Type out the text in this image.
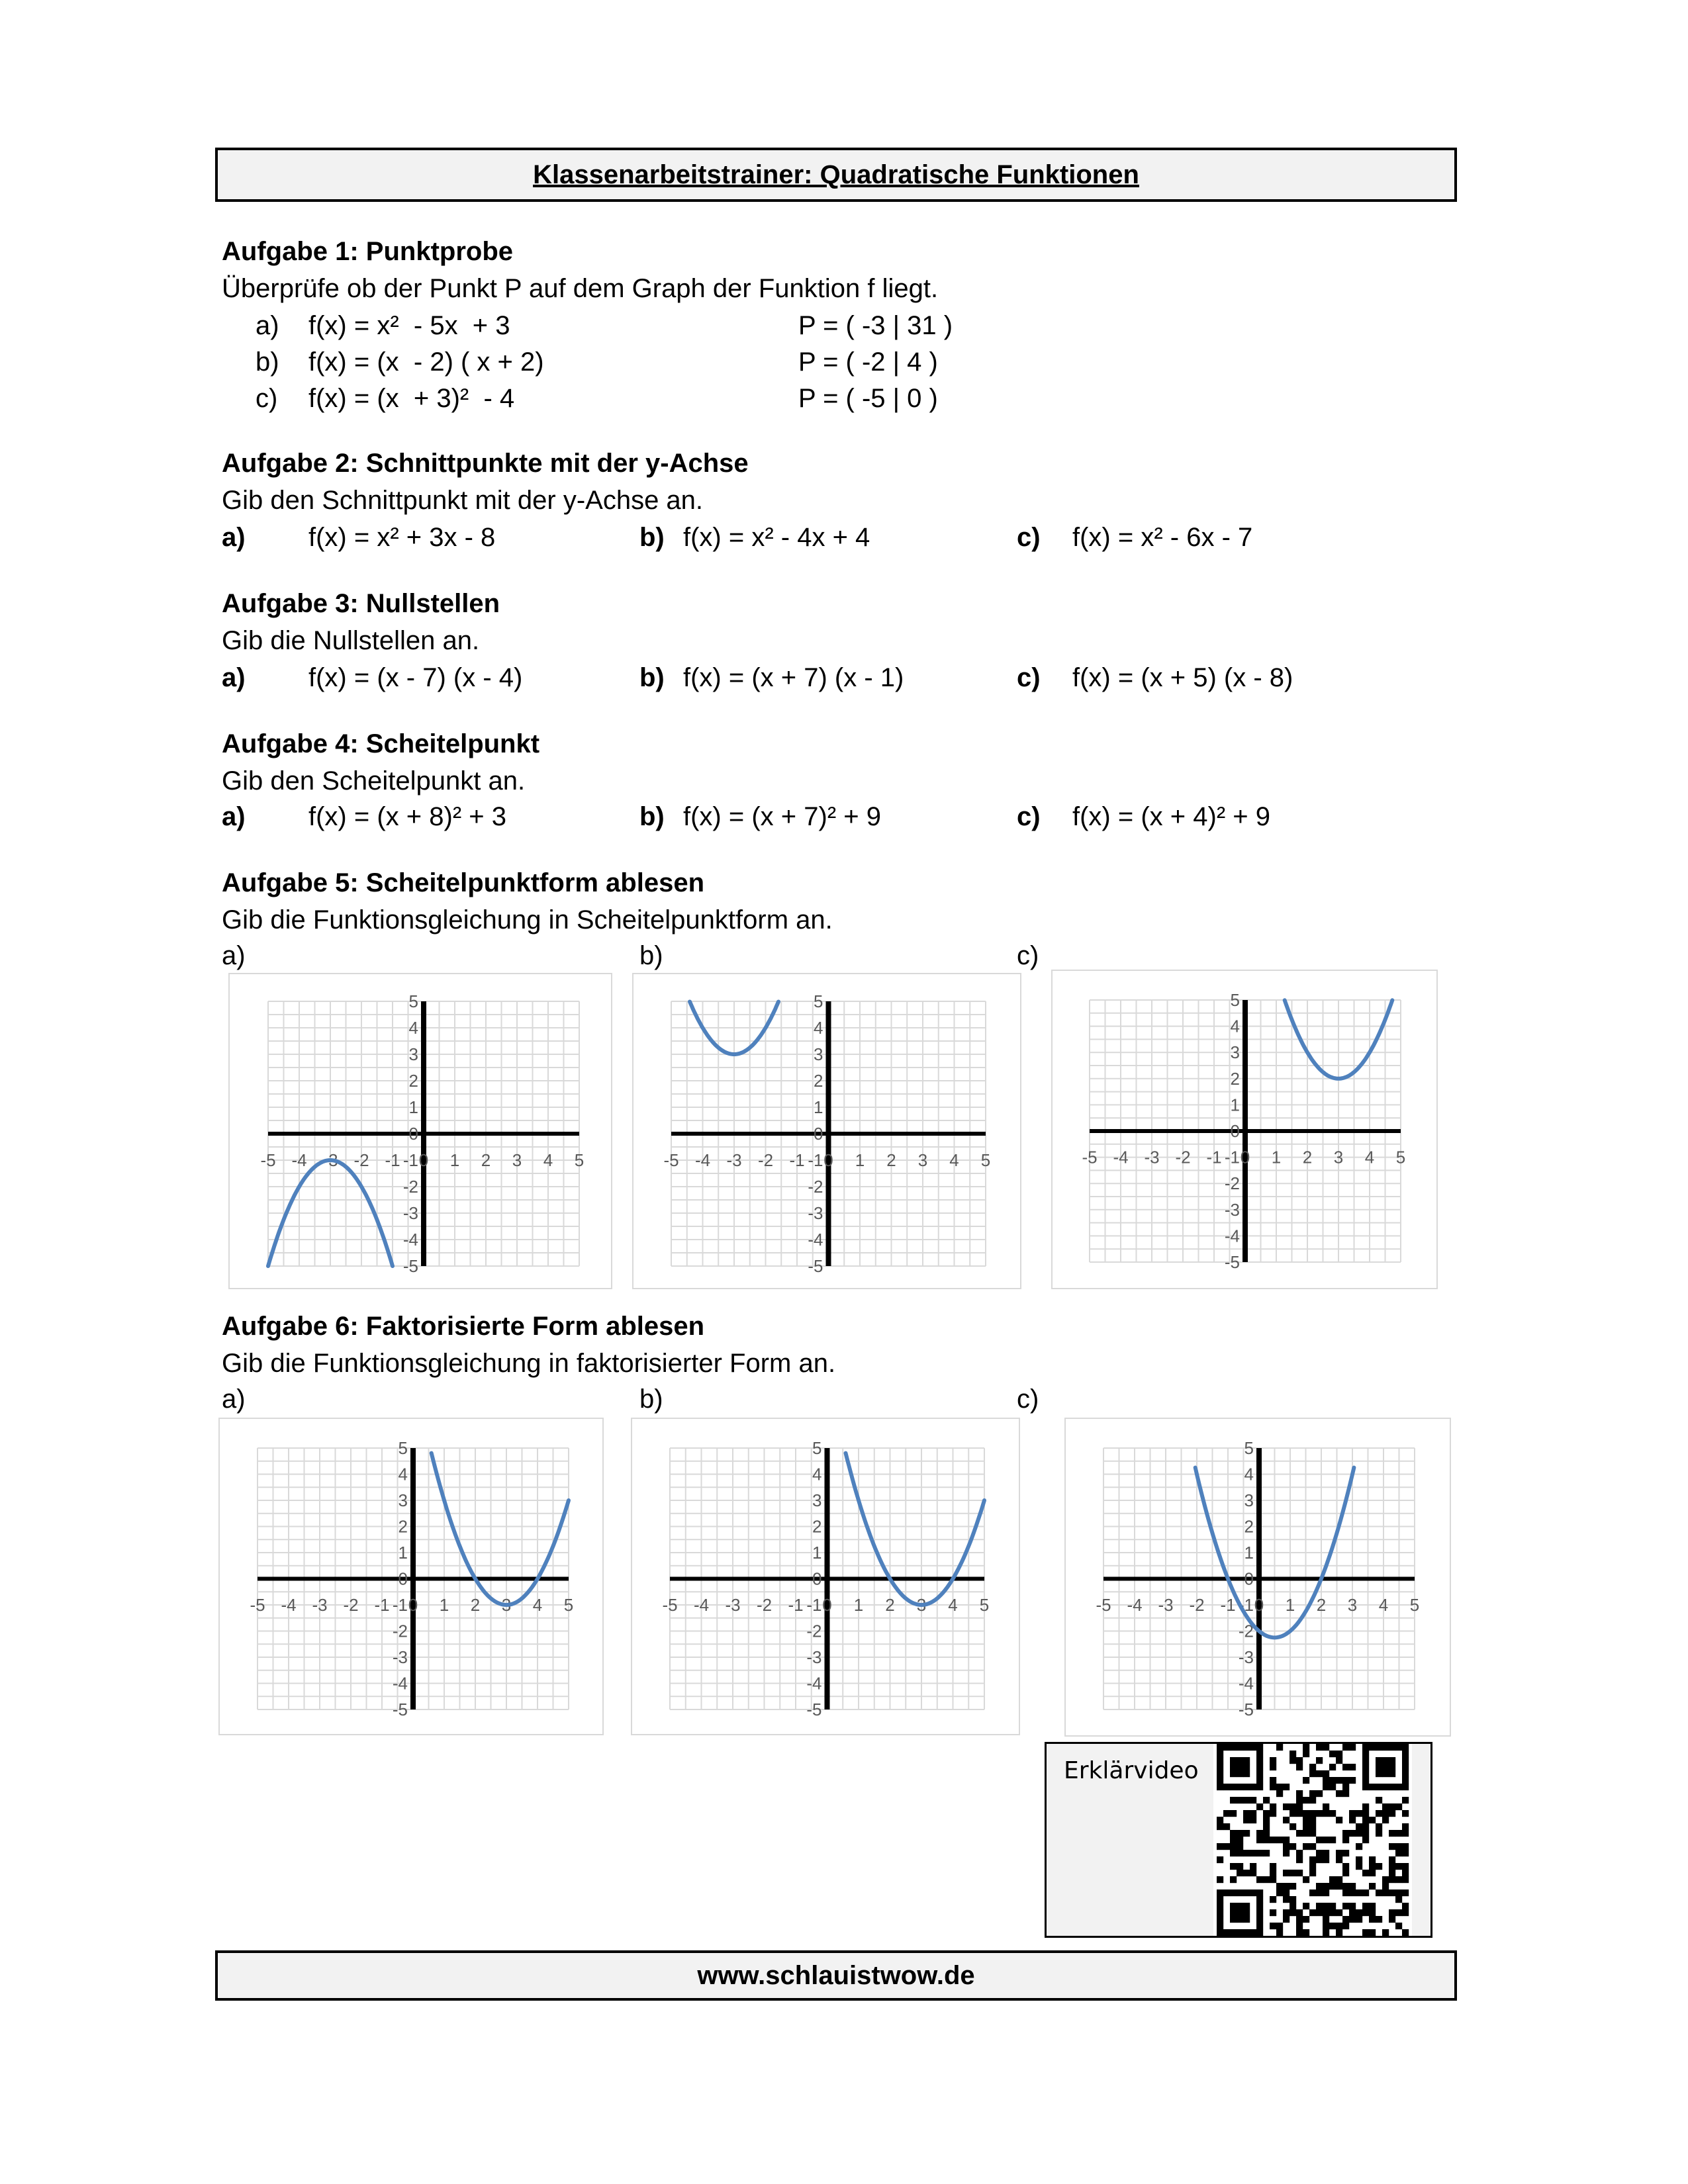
Klassenarbeitstrainer: Quadratische Funktionen
Aufgabe 1: Punktprobe
Überprüfe ob der Punkt P auf dem Graph der Funktion f liegt.
a) f(x) = x²  - 5x  + 3	P = ( -3 | 31 )
b) f(x) = (x  - 2) ( x + 2)	P = ( -2 | 4 )
c) f(x) = (x  + 3)²  - 4	P = ( -5 | 0 )
Aufgabe 2: Schnittpunkte mit der y-Achse
Gib den Schnittpunkt mit der y-Achse an.
a) f(x) = x² + 3x - 8	b) f(x) = x² - 4x + 4	c) f(x) = x² - 6x - 7
Aufgabe 3: Nullstellen
Gib die Nullstellen an.
a) f(x) = (x - 7) (x - 4)	b) f(x) = (x + 7) (x - 1)	c) f(x) = (x + 5) (x - 8)
Aufgabe 4: Scheitelpunkt
Gib den Scheitelpunkt an.
a) f(x) = (x + 8)² + 3	b) f(x) = (x + 7)² + 9	c) f(x) = (x + 4)² + 9
Aufgabe 5: Scheitelpunktform ablesen
Gib die Funktionsgleichung in Scheitelpunktform an.
a)	b)	c)
-5
-4
-3
-2
-1
0
1
2
3
4
5
-5 -4 -3 -2 -1 0 1 2 3 4 5
-5
-4
-3
-2
-1
0
1
2
3
4
5
-5 -4 -3 -2 -1 0 1 2 3 4 5
-5
-4
-3
-2
-1
0
1
2
3
4
5
-5 -4 -3 -2 -1 0 1 2 3 4 5
Aufgabe 6: Faktorisierte Form ablesen
Gib die Funktionsgleichung in faktorisierter Form an.
a)	b)	c)
-5
-4
-3
-2
-1
0
1
2
3
4
5
-5 -4 -3 -2 -1 0 1 2 3 4 5
-5
-4
-3
-2
-1
0
1
2
3
4
5
-5 -4 -3 -2 -1 0 1 2 3 4 5
-5
-4
-3
-2
-1
0
1
2
3
4
5
-5 -4 -3 -2 -1 0 1 2 3 4 5
Erklärvideo
www.schlauistwow.de
